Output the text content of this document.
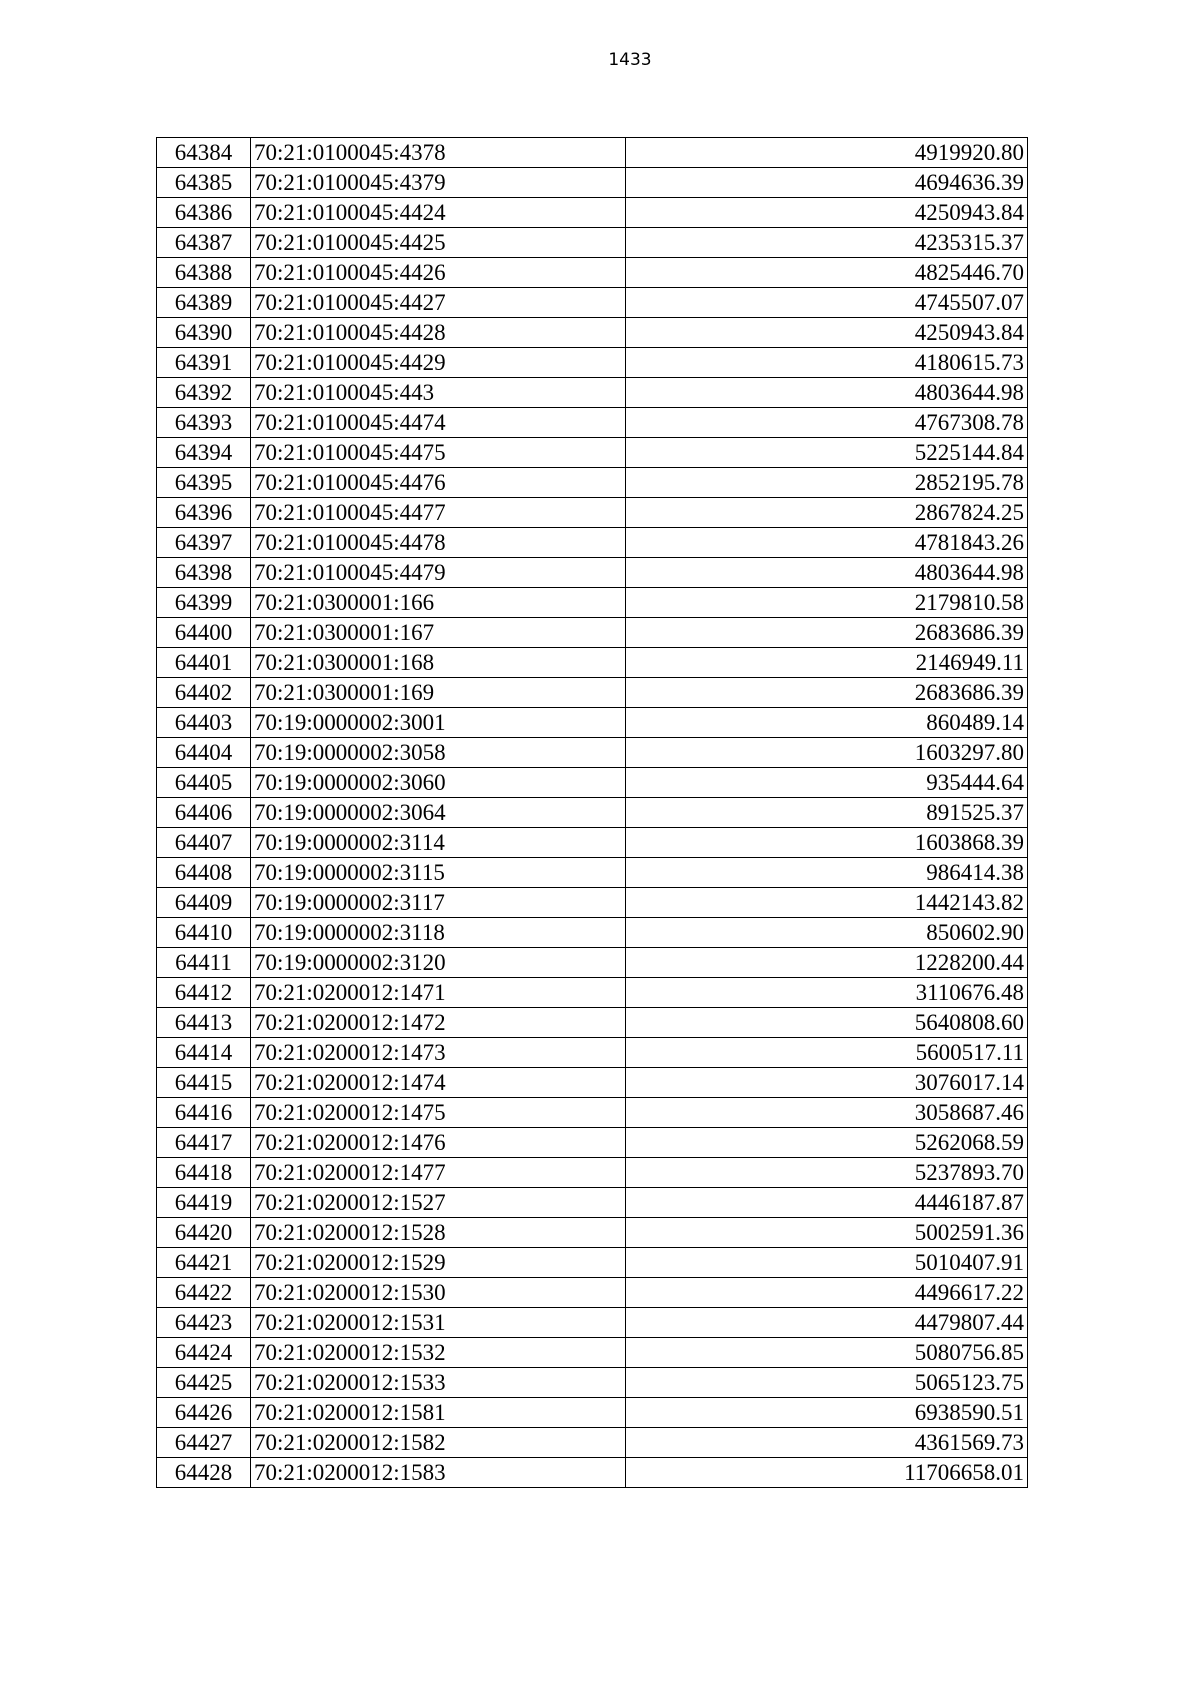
1433
64384	70:21:0100045:4378	4919920.80
64385	70:21:0100045:4379	4694636.39
64386	70:21:0100045:4424	4250943.84
64387	70:21:0100045:4425	4235315.37
64388	70:21:0100045:4426	4825446.70
64389	70:21:0100045:4427	4745507.07
64390	70:21:0100045:4428	4250943.84
64391	70:21:0100045:4429	4180615.73
64392	70:21:0100045:443	4803644.98
64393	70:21:0100045:4474	4767308.78
64394	70:21:0100045:4475	5225144.84
64395	70:21:0100045:4476	2852195.78
64396	70:21:0100045:4477	2867824.25
64397	70:21:0100045:4478	4781843.26
64398	70:21:0100045:4479	4803644.98
64399	70:21:0300001:166	2179810.58
64400	70:21:0300001:167	2683686.39
64401	70:21:0300001:168	2146949.11
64402	70:21:0300001:169	2683686.39
64403	70:19:0000002:3001	860489.14
64404	70:19:0000002:3058	1603297.80
64405	70:19:0000002:3060	935444.64
64406	70:19:0000002:3064	891525.37
64407	70:19:0000002:3114	1603868.39
64408	70:19:0000002:3115	986414.38
64409	70:19:0000002:3117	1442143.82
64410	70:19:0000002:3118	850602.90
64411	70:19:0000002:3120	1228200.44
64412	70:21:0200012:1471	3110676.48
64413	70:21:0200012:1472	5640808.60
64414	70:21:0200012:1473	5600517.11
64415	70:21:0200012:1474	3076017.14
64416	70:21:0200012:1475	3058687.46
64417	70:21:0200012:1476	5262068.59
64418	70:21:0200012:1477	5237893.70
64419	70:21:0200012:1527	4446187.87
64420	70:21:0200012:1528	5002591.36
64421	70:21:0200012:1529	5010407.91
64422	70:21:0200012:1530	4496617.22
64423	70:21:0200012:1531	4479807.44
64424	70:21:0200012:1532	5080756.85
64425	70:21:0200012:1533	5065123.75
64426	70:21:0200012:1581	6938590.51
64427	70:21:0200012:1582	4361569.73
64428	70:21:0200012:1583	11706658.01
